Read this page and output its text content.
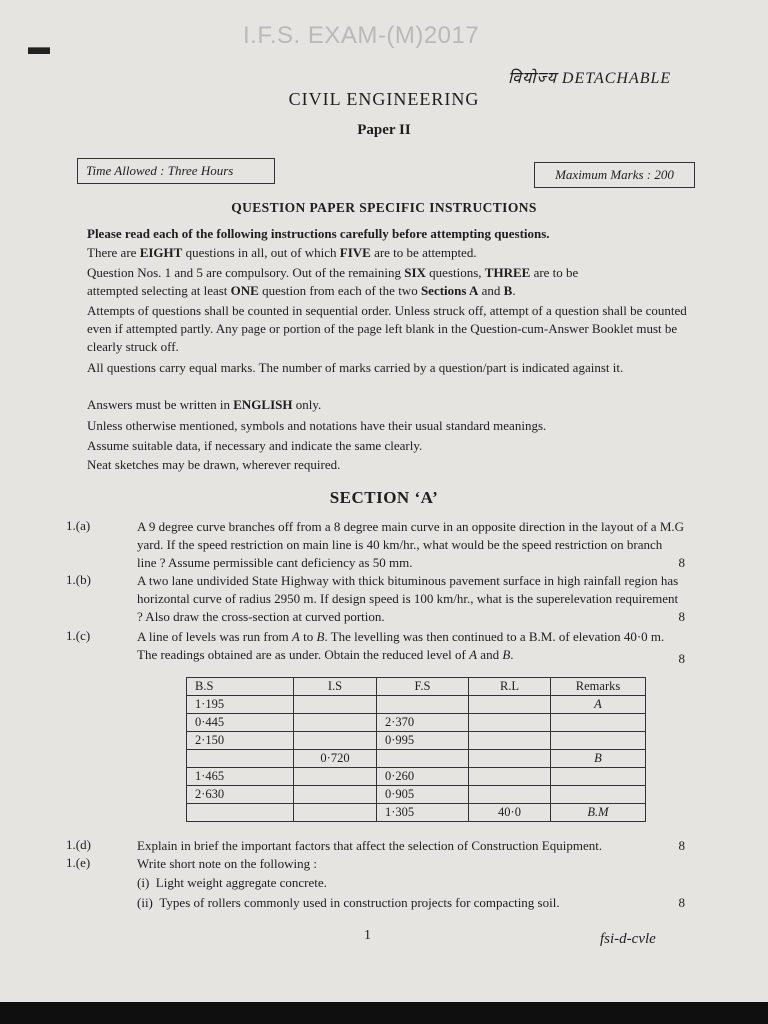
▬	I.F.S. EXAM-(M)2017
वियोज्य DETACHABLE
CIVIL ENGINEERING
Paper II
Time Allowed : Three Hours	Maximum Marks : 200
QUESTION PAPER SPECIFIC INSTRUCTIONS
Please read each of the following instructions carefully before attempting questions.
There are EIGHT questions in all, out of which FIVE are to be attempted.
Question Nos. 1 and 5 are compulsory. Out of the remaining SIX questions, THREE are to be
attempted selecting at least ONE question from each of the two Sections A and B.
Attempts of questions shall be counted in sequential order. Unless struck off, attempt of a question shall be counted even if attempted partly. Any page or portion of the page left blank in the Question-cum-Answer Booklet must be clearly struck off.
All questions carry equal marks. The number of marks carried by a question/part is indicated against it.
Answers must be written in ENGLISH only.
Unless otherwise mentioned, symbols and notations have their usual standard meanings.
Assume suitable data, if necessary and indicate the same clearly.
Neat sketches may be drawn, wherever required.
SECTION ‘A’
1.(a)	A 9 degree curve branches off from a 8 degree main curve in an opposite direction in the layout of a M.G yard. If the speed restriction on main line is 40 km/hr., what would be the speed restriction on branch line ? Assume permissible cant deficiency as 50 mm.	8
1.(b)	A two lane undivided State Highway with thick bituminous pavement surface in high rainfall region has horizontal curve of radius 2950 m. If design speed is 100 km/hr., what is the superelevation requirement ? Also draw the cross-section at curved portion.	8
1.(c)	A line of levels was run from A to B. The levelling was then continued to a B.M. of elevation 40·0 m. The readings obtained are as under. Obtain the reduced level of A and B.	8
B.S	I.S	F.S	R.L	Remarks
1·195				A
0·445		2·370		
2·150		0·995		
	0·720			B
1·465		0·260		
2·630		0·905		
		1·305	40·0	B.M
1.(d)	Explain in brief the important factors that affect the selection of Construction Equipment.	8
1.(e)	Write short note on the following :
(i) Light weight aggregate concrete.
(ii) Types of rollers commonly used in construction projects for compacting soil.	8
1	fsi-d-cvle
